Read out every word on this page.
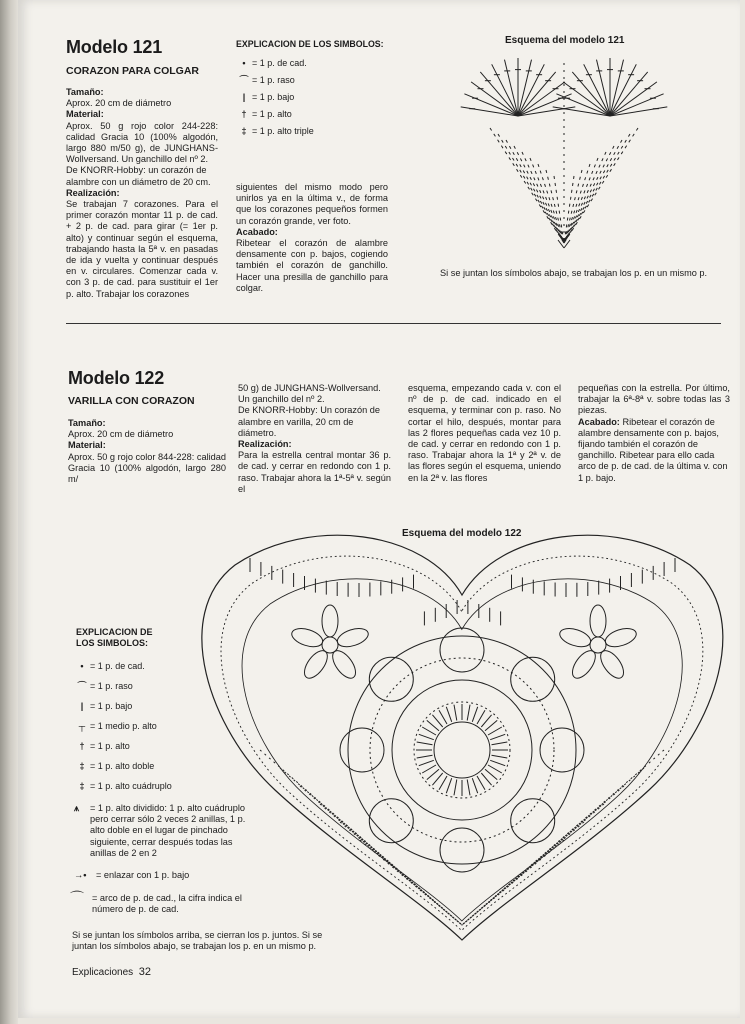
Modelo 121
CORAZON PARA COLGAR
Tamaño:
Aprox. 20 cm de diámetro
Material:
Aprox. 50 g rojo color 244-228: calidad Gracia 10 (100% algodón, largo 880 m/50 g), de JUNGHANS-Wollversand. Un ganchillo del nº 2.
De KNORR-Hobby: un corazón de alambre con un diámetro de 20 cm.
Realización:
Se trabajan 7 corazones. Para el primer corazón montar 11 p. de cad. + 2 p. de cad. para girar (= 1er p. alto) y continuar según el esquema, trabajando hasta la 5ª v. en pasadas de ida y vuelta y continuar después en v. circulares. Comenzar cada v. con 3 p. de cad. para sustituir el 1er p. alto. Trabajar los corazones
EXPLICACION DE LOS SIMBOLOS:
• = 1 p. de cad.
⌒ = 1 p. raso
| = 1 p. bajo
† = 1 p. alto
‡ = 1 p. alto triple
siguientes del mismo modo pero unirlos ya en la última v., de forma que los corazones pequeños formen un corazón grande, ver foto.
Acabado:
Ribetear el corazón de alambre densamente con p. bajos, cogiendo también el corazón de ganchillo. Hacer una presilla de ganchillo para colgar.
Esquema del modelo 121
Si se juntan los símbolos abajo, se trabajan los p. en un mismo p.
Modelo 122
VARILLA CON CORAZON
Tamaño:
Aprox. 20 cm de diámetro
Material:
Aprox. 50 g rojo color 844-228: calidad Gracia 10 (100% algodón, largo 280 m/
50 g) de JUNGHANS-Wollversand. Un ganchillo del nº 2.
De KNORR-Hobby: Un corazón de alambre en varilla, 20 cm de diámetro.
Realización:
Para la estrella central montar 36 p. de cad. y cerrar en redondo con 1 p. raso. Trabajar ahora la 1ª-5ª v. según el
esquema, empezando cada v. con el nº de p. de cad. indicado en el esquema, y terminar con p. raso. No cortar el hilo, después, montar para las 2 flores pequeñas cada vez 10 p. de cad. y cerrar en redondo con 1 p. raso. Trabajar ahora la 1ª y 2ª v. de las flores según el esquema, uniendo en la 2ª v. las flores
pequeñas con la estrella. Por último, trabajar la 6ª-8ª v. sobre todas las 3 piezas.
Acabado: Ribetear el corazón de alambre densamente con p. bajos, fijando también el corazón de ganchillo. Ribetear para ello cada arco de p. de cad. de la última v. con 1 p. bajo.
Esquema del modelo 122
EXPLICACION DE LOS SIMBOLOS:
• = 1 p. de cad.
⌒ = 1 p. raso
| = 1 p. bajo
┬ = 1 medio p. alto
† = 1 p. alto
‡ = 1 p. alto doble
‡ = 1 p. alto cuádruplo
⩚	= 1 p. alto dividido: 1 p. alto cuádruplo pero cerrar sólo 2 veces 2 anillas, 1 p. alto doble en el lugar de pinchado siguiente, cerrar después todas las anillas de 2 en 2
→•	= enlazar con 1 p. bajo
⌒ = arco de p. de cad., la cifra indica el número de p. de cad.
Si se juntan los símbolos arriba, se cierran los p. juntos. Si se juntan los símbolos abajo, se trabajan los p. en un mismo p.
Explicaciones 32
